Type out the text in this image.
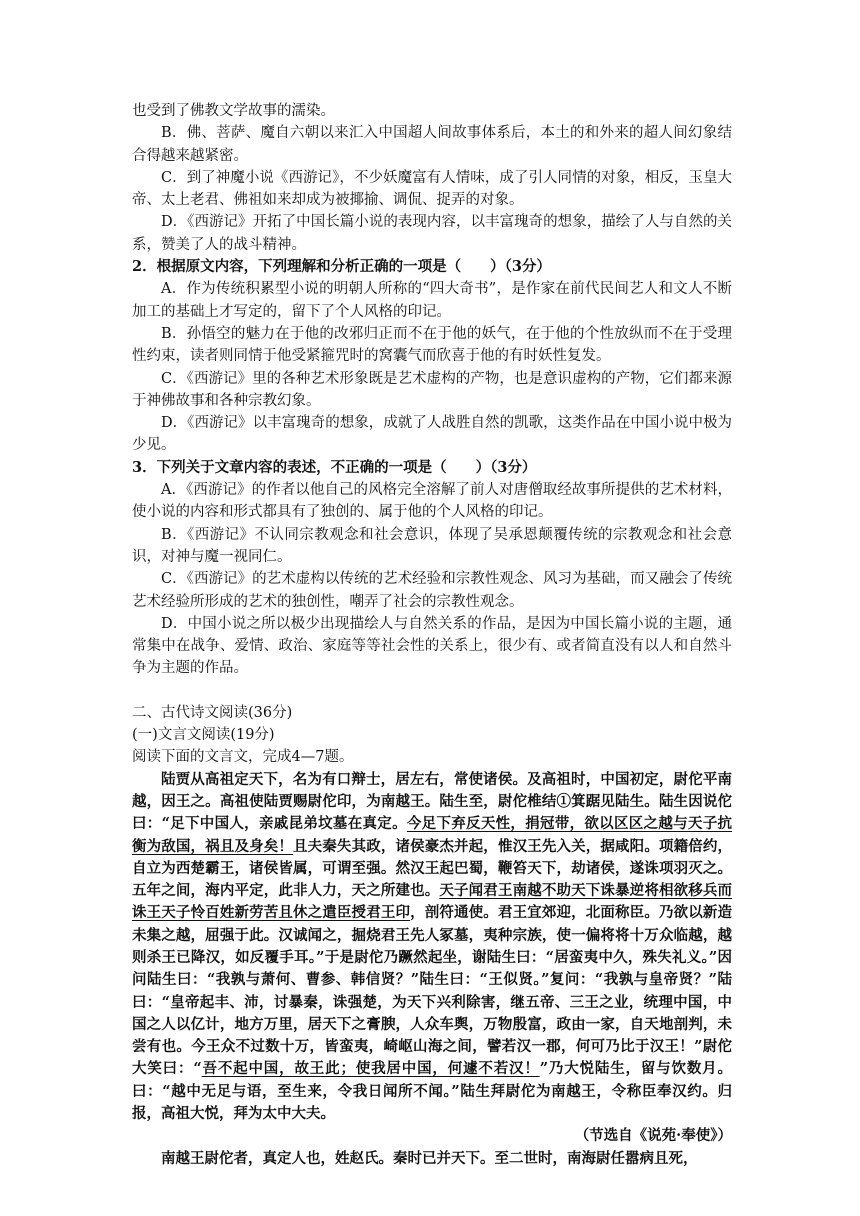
也受到了佛教文学故事的濡染。

B．佛、菩萨、魔自六朝以来汇入中国超人间故事体系后，本土的和外来的超人间幻象结合得越来越紧密。

C．到了神魔小说《西游记》，不少妖魔富有人情味，成了引人同情的对象，相反，玉皇大帝、太上老君、佛祖如来却成为被揶揄、调侃、捉弄的对象。

D．《西游记》开拓了中国长篇小说的表现内容，以丰富瑰奇的想象，描绘了人与自然的关系，赞美了人的战斗精神。

2．根据原文内容，下列理解和分析正确的一项是（　　）（3分）

A．作为传统积累型小说的明朝人所称的“四大奇书”，是作家在前代民间艺人和文人不断加工的基础上才写定的，留下了个人风格的印记。

B．孙悟空的魅力在于他的改邪归正而不在于他的妖气，在于他的个性放纵而不在于受理性约束，读者则同情于他受紧箍咒时的窝囊气而欣喜于他的有时妖性复发。

C．《西游记》里的各种艺术形象既是艺术虚构的产物，也是意识虚构的产物，它们都来源于神佛故事和各种宗教幻象。

D．《西游记》以丰富瑰奇的想象，成就了人战胜自然的凯歌，这类作品在中国小说中极为少见。

3．下列关于文章内容的表述，不正确的一项是（　　）（3分）

A．《西游记》的作者以他自己的风格完全溶解了前人对唐僧取经故事所提供的艺术材料，使小说的内容和形式都具有了独创的、属于他的个人风格的印记。

B．《西游记》不认同宗教观念和社会意识，体现了吴承恩颠覆传统的宗教观念和社会意识，对神与魔一视同仁。

C．《西游记》的艺术虚构以传统的艺术经验和宗教性观念、风习为基础，而又融会了传统艺术经验所形成的艺术的独创性，嘲弄了社会的宗教性观念。

D．中国小说之所以极少出现描绘人与自然关系的作品，是因为中国长篇小说的主题，通常集中在战争、爱情、政治、家庭等等社会性的关系上，很少有、或者简直没有以人和自然斗争为主题的作品。

二、古代诗文阅读(36分)

(一)文言文阅读(19分)

阅读下面的文言文，完成4—7题。

陆贾从高祖定天下，名为有口辩士，居左右，常使诸侯。及高祖时，中国初定，尉佗平南越，因王之。高祖使陆贾赐尉佗印，为南越王。陆生至，尉佗椎结①箕踞见陆生。陆生因说佗曰：“足下中国人，亲戚昆弟坟墓在真定。今足下弃反天性，捐冠带，欲以区区之越与天子抗衡为敌国，祸且及身矣！且夫秦失其政，诸侯豪杰并起，惟汉王先入关，据咸阳。项籍倍约，自立为西楚霸王，诸侯皆属，可谓至强。然汉王起巴蜀，鞭笞天下，劫诸侯，遂诛项羽灭之。五年之间，海内平定，此非人力，天之所建也。天子闻君王南越不助天下诛暴逆将相欲移兵而诛王天子怜百姓新劳苦且休之遣臣授君王印，剖符通使。君王宜郊迎，北面称臣。乃欲以新造未集之越，屈强于此。汉诚闻之，掘烧君王先人冢墓，夷种宗族，使一偏将将十万众临越，越则杀王已降汉，如反覆手耳。”于是尉佗乃蹶然起坐，谢陆生曰：“居蛮夷中久，殊失礼义。”因问陆生曰：“我孰与萧何、曹参、韩信贤？”陆生曰：“王似贤。”复问：“我孰与皇帝贤？”陆曰：“皇帝起丰、沛，讨暴秦，诛强楚，为天下兴利除害，继五帝、三王之业，统理中国，中国之人以亿计，地方万里，居天下之膏腴，人众车舆，万物殷富，政由一家，自天地剖判，未尝有也。今王众不过数十万，皆蛮夷，崎岖山海之间，譬若汉一郡，何可乃比于汉王！”尉佗大笑曰：“吾不起中国，故王此；使我居中国，何遽不若汉！”乃大悦陆生，留与饮数月。曰：“越中无足与语，至生来，令我日闻所不闻。”陆生拜尉佗为南越王，令称臣奉汉约。归报，高祖大悦，拜为太中大夫。

（节选自《说苑·奉使》）

南越王尉佗者，真定人也，姓赵氏。秦时已并天下。至二世时，南海尉任嚣病且死，
